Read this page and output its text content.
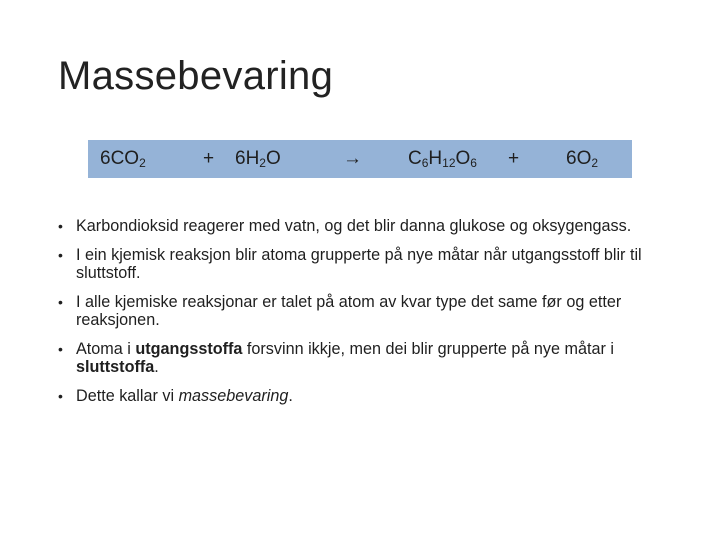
Massebevaring
$6CO_2$	+ $6H_2O$	→ $C_6H_{12}O_6 + 6O_2$
• Karbondioksid reagerer med vatn, og det blir danna glukose og oksygengass.
• I ein kjemisk reaksjon blir atoma grupperte på nye måtar når utgangsstoff blir til sluttstoff.
• I alle kjemiske reaksjonar er talet på atom av kvar type det same før og etter reaksjonen.
• Atoma i utgangsstoffa forsvinn ikkje, men dei blir grupperte på nye måtar i sluttstoffa.
• Dette kallar vi massebevaring.
